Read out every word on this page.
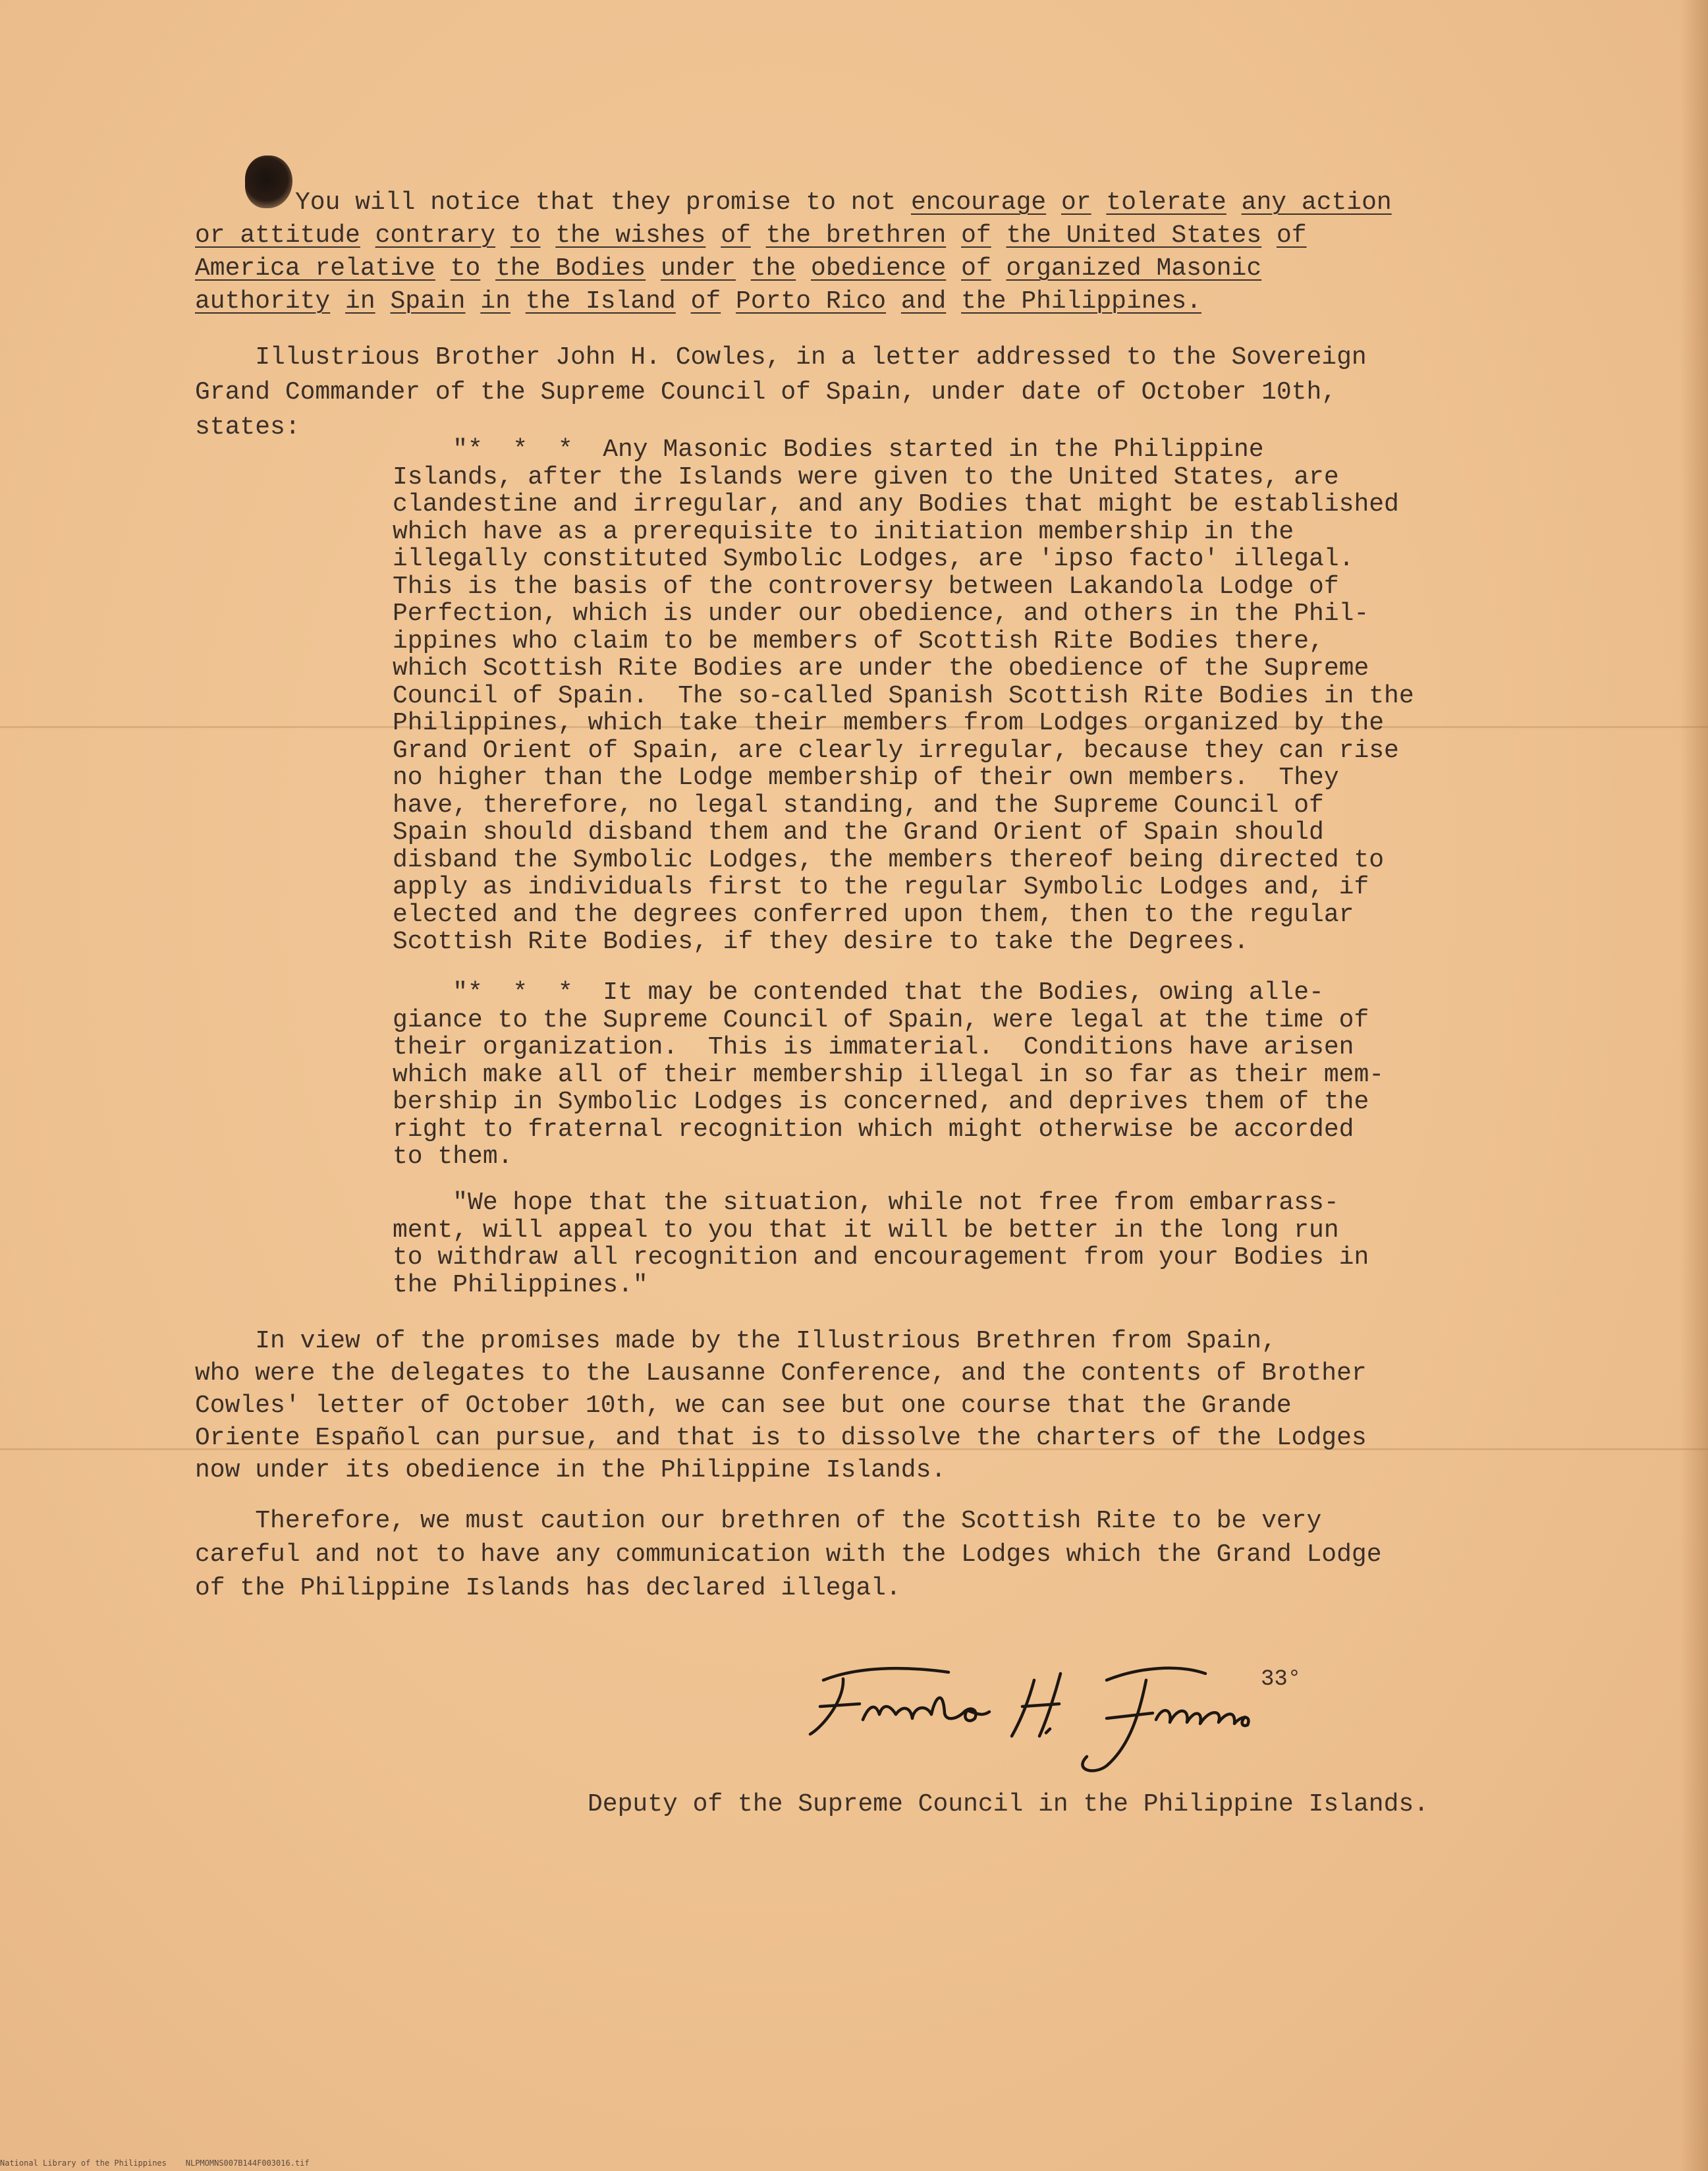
You will notice that they promise to not encourage or tolerate any action
or attitude contrary to the wishes of the brethren of the United States of
America relative to the Bodies under the obedience of organized Masonic
authority in Spain in the Island of Porto Rico and the Philippines.

Illustrious Brother John H. Cowles, in a letter addressed to the Sovereign
Grand Commander of the Supreme Council of Spain, under date of October 10th,
states:

"*  *  *  Any Masonic Bodies started in the Philippine
Islands, after the Islands were given to the United States, are
clandestine and irregular, and any Bodies that might be established
which have as a prerequisite to initiation membership in the
illegally constituted Symbolic Lodges, are 'ipso facto' illegal.
This is the basis of the controversy between Lakandola Lodge of
Perfection, which is under our obedience, and others in the Phil-
ippines who claim to be members of Scottish Rite Bodies there,
which Scottish Rite Bodies are under the obedience of the Supreme
Council of Spain.  The so-called Spanish Scottish Rite Bodies in the
Philippines, which take their members from Lodges organized by the
Grand Orient of Spain, are clearly irregular, because they can rise
no higher than the Lodge membership of their own members.  They
have, therefore, no legal standing, and the Supreme Council of
Spain should disband them and the Grand Orient of Spain should
disband the Symbolic Lodges, the members thereof being directed to
apply as individuals first to the regular Symbolic Lodges and, if
elected and the degrees conferred upon them, then to the regular
Scottish Rite Bodies, if they desire to take the Degrees.

"*  *  *  It may be contended that the Bodies, owing alle-
giance to the Supreme Council of Spain, were legal at the time of
their organization.  This is immaterial.  Conditions have arisen
which make all of their membership illegal in so far as their mem-
bership in Symbolic Lodges is concerned, and deprives them of the
right to fraternal recognition which might otherwise be accorded
to them.

"We hope that the situation, while not free from embarrass-
ment, will appeal to you that it will be better in the long run
to withdraw all recognition and encouragement from your Bodies in
the Philippines."

In view of the promises made by the Illustrious Brethren from Spain,
who were the delegates to the Lausanne Conference, and the contents of Brother
Cowles' letter of October 10th, we can see but one course that the Grande
Oriente Español can pursue, and that is to dissolve the charters of the Lodges
now under its obedience in the Philippine Islands.

Therefore, we must caution our brethren of the Scottish Rite to be very
careful and not to have any communication with the Lodges which the Grand Lodge
of the Philippine Islands has declared illegal.

33°
Deputy of the Supreme Council in the Philippine Islands.
National Library of the Philippines    NLPMOMNS007B144F003016.tif
